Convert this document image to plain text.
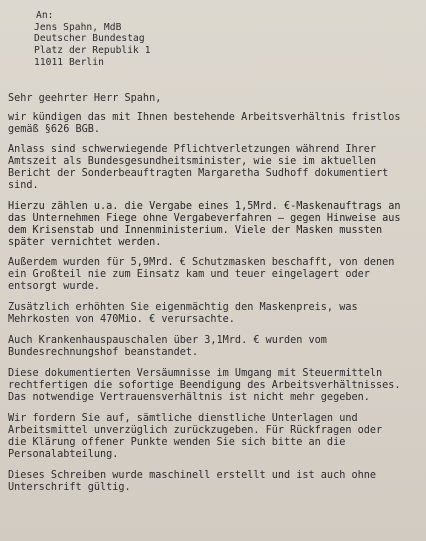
An:
Jens Spahn, MdB
Deutscher Bundestag
Platz der Republik 1
11011 Berlin
Sehr geehrter Herr Spahn,
wir kündigen das mit Ihnen bestehende Arbeitsverhältnis fristlos
gemäß §626 BGB.
Anlass sind schwerwiegende Pflichtverletzungen während Ihrer
Amtszeit als Bundesgesundheitsminister, wie sie im aktuellen
Bericht der Sonderbeauftragten Margaretha Sudhoff dokumentiert
sind.
Hierzu zählen u.a. die Vergabe eines 1,5Mrd. €-Maskenauftrags an
das Unternehmen Fiege ohne Vergabeverfahren – gegen Hinweise aus
dem Krisenstab und Innenministerium. Viele der Masken mussten
später vernichtet werden.
Außerdem wurden für 5,9Mrd. € Schutzmasken beschafft, von denen
ein Großteil nie zum Einsatz kam und teuer eingelagert oder
entsorgt wurde.
Zusätzlich erhöhten Sie eigenmächtig den Maskenpreis, was
Mehrkosten von 470Mio. € verursachte.
Auch Krankenhauspauschalen über 3,1Mrd. € wurden vom
Bundesrechnungshof beanstandet.
Diese dokumentierten Versäumnisse im Umgang mit Steuermitteln
rechtfertigen die sofortige Beendigung des Arbeitsverhältnisses.
Das notwendige Vertrauensverhältnis ist nicht mehr gegeben.
Wir fordern Sie auf, sämtliche dienstliche Unterlagen und
Arbeitsmittel unverzüglich zurückzugeben. Für Rückfragen oder
die Klärung offener Punkte wenden Sie sich bitte an die
Personalabteilung.
Dieses Schreiben wurde maschinell erstellt und ist auch ohne
Unterschrift gültig.
